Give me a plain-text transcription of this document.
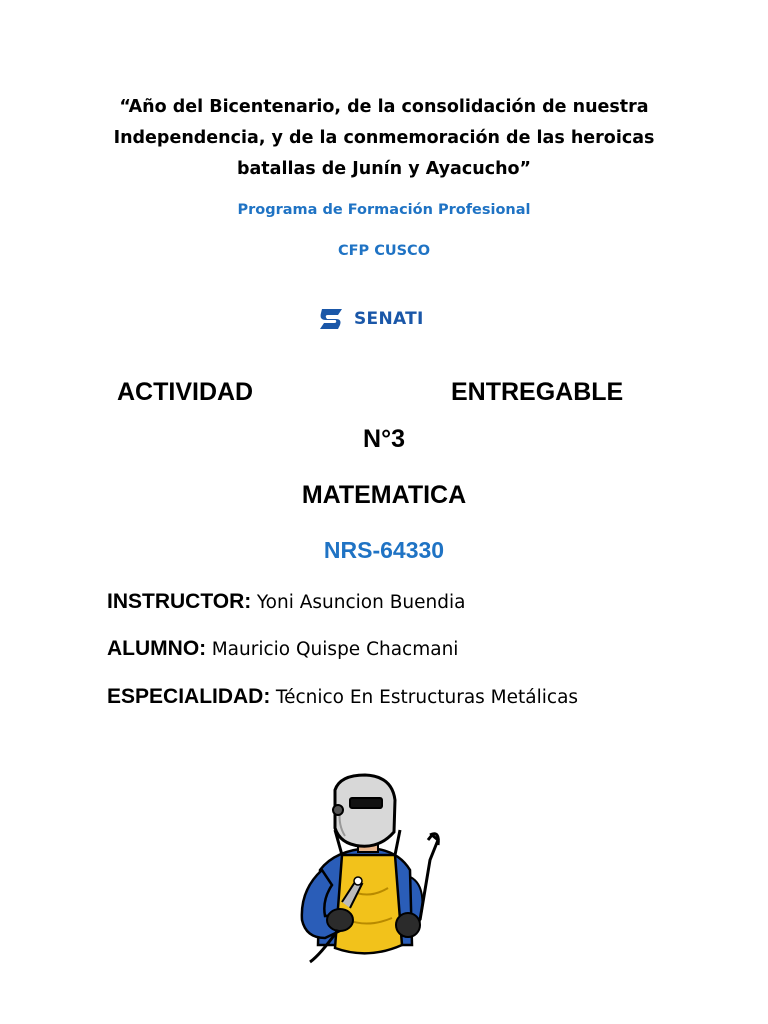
“Año del Bicentenario, de la consolidación de nuestra Independencia, y de la conmemoración de las heroicas batallas de Junín y Ayacucho”
Programa de Formación Profesional
CFP CUSCO
SENATI
ACTIVIDAD	ENTREGABLE
N°3
MATEMATICA
NRS-64330
INSTRUCTOR: Yoni Asuncion Buendia
ALUMNO: Mauricio Quispe Chacmani
ESPECIALIDAD: Técnico En Estructuras Metálicas
